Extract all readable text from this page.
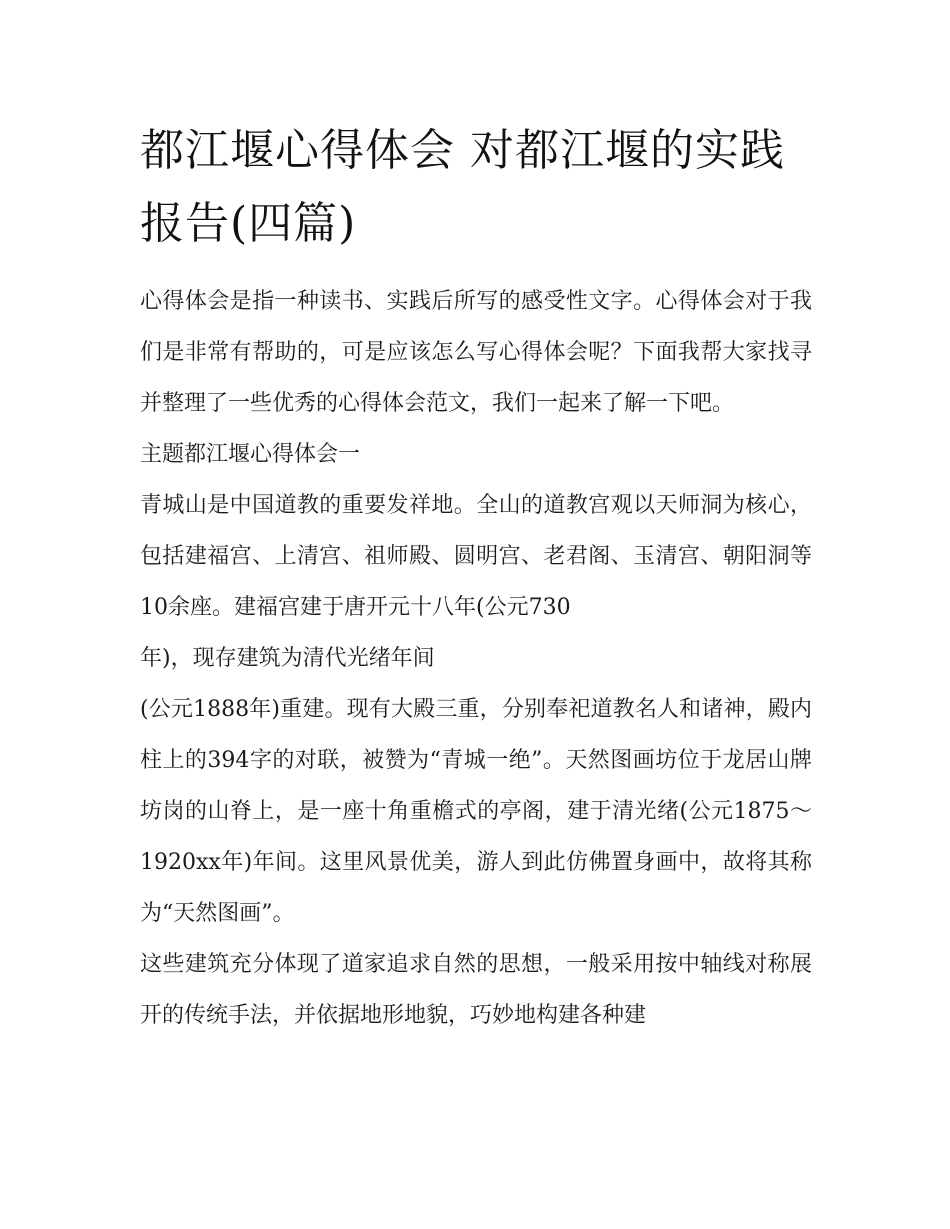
都江堰心得体会 对都江堰的实践报告(四篇)

心得体会是指一种读书、实践后所写的感受性文字。心得体会对于我们是非常有帮助的，可是应该怎么写心得体会呢？下面我帮大家找寻并整理了一些优秀的心得体会范文，我们一起来了解一下吧。

主题都江堰心得体会一

青城山是中国道教的重要发祥地。全山的道教宫观以天师洞为核心，包括建福宫、上清宫、祖师殿、圆明宫、老君阁、玉清宫、朝阳洞等10余座。建福宫建于唐开元十八年(公元730

年)，现存建筑为清代光绪年间

(公元1888年)重建。现有大殿三重，分别奉祀道教名人和诸神，殿内柱上的394字的对联，被赞为“青城一绝”。天然图画坊位于龙居山牌坊岗的山脊上，是一座十角重檐式的亭阁，建于清光绪(公元1875～1920xx年)年间。这里风景优美，游人到此仿佛置身画中，故将其称为“天然图画”。

这些建筑充分体现了道家追求自然的思想，一般采用按中轴线对称展开的传统手法，并依据地形地貌，巧妙地构建各种建
